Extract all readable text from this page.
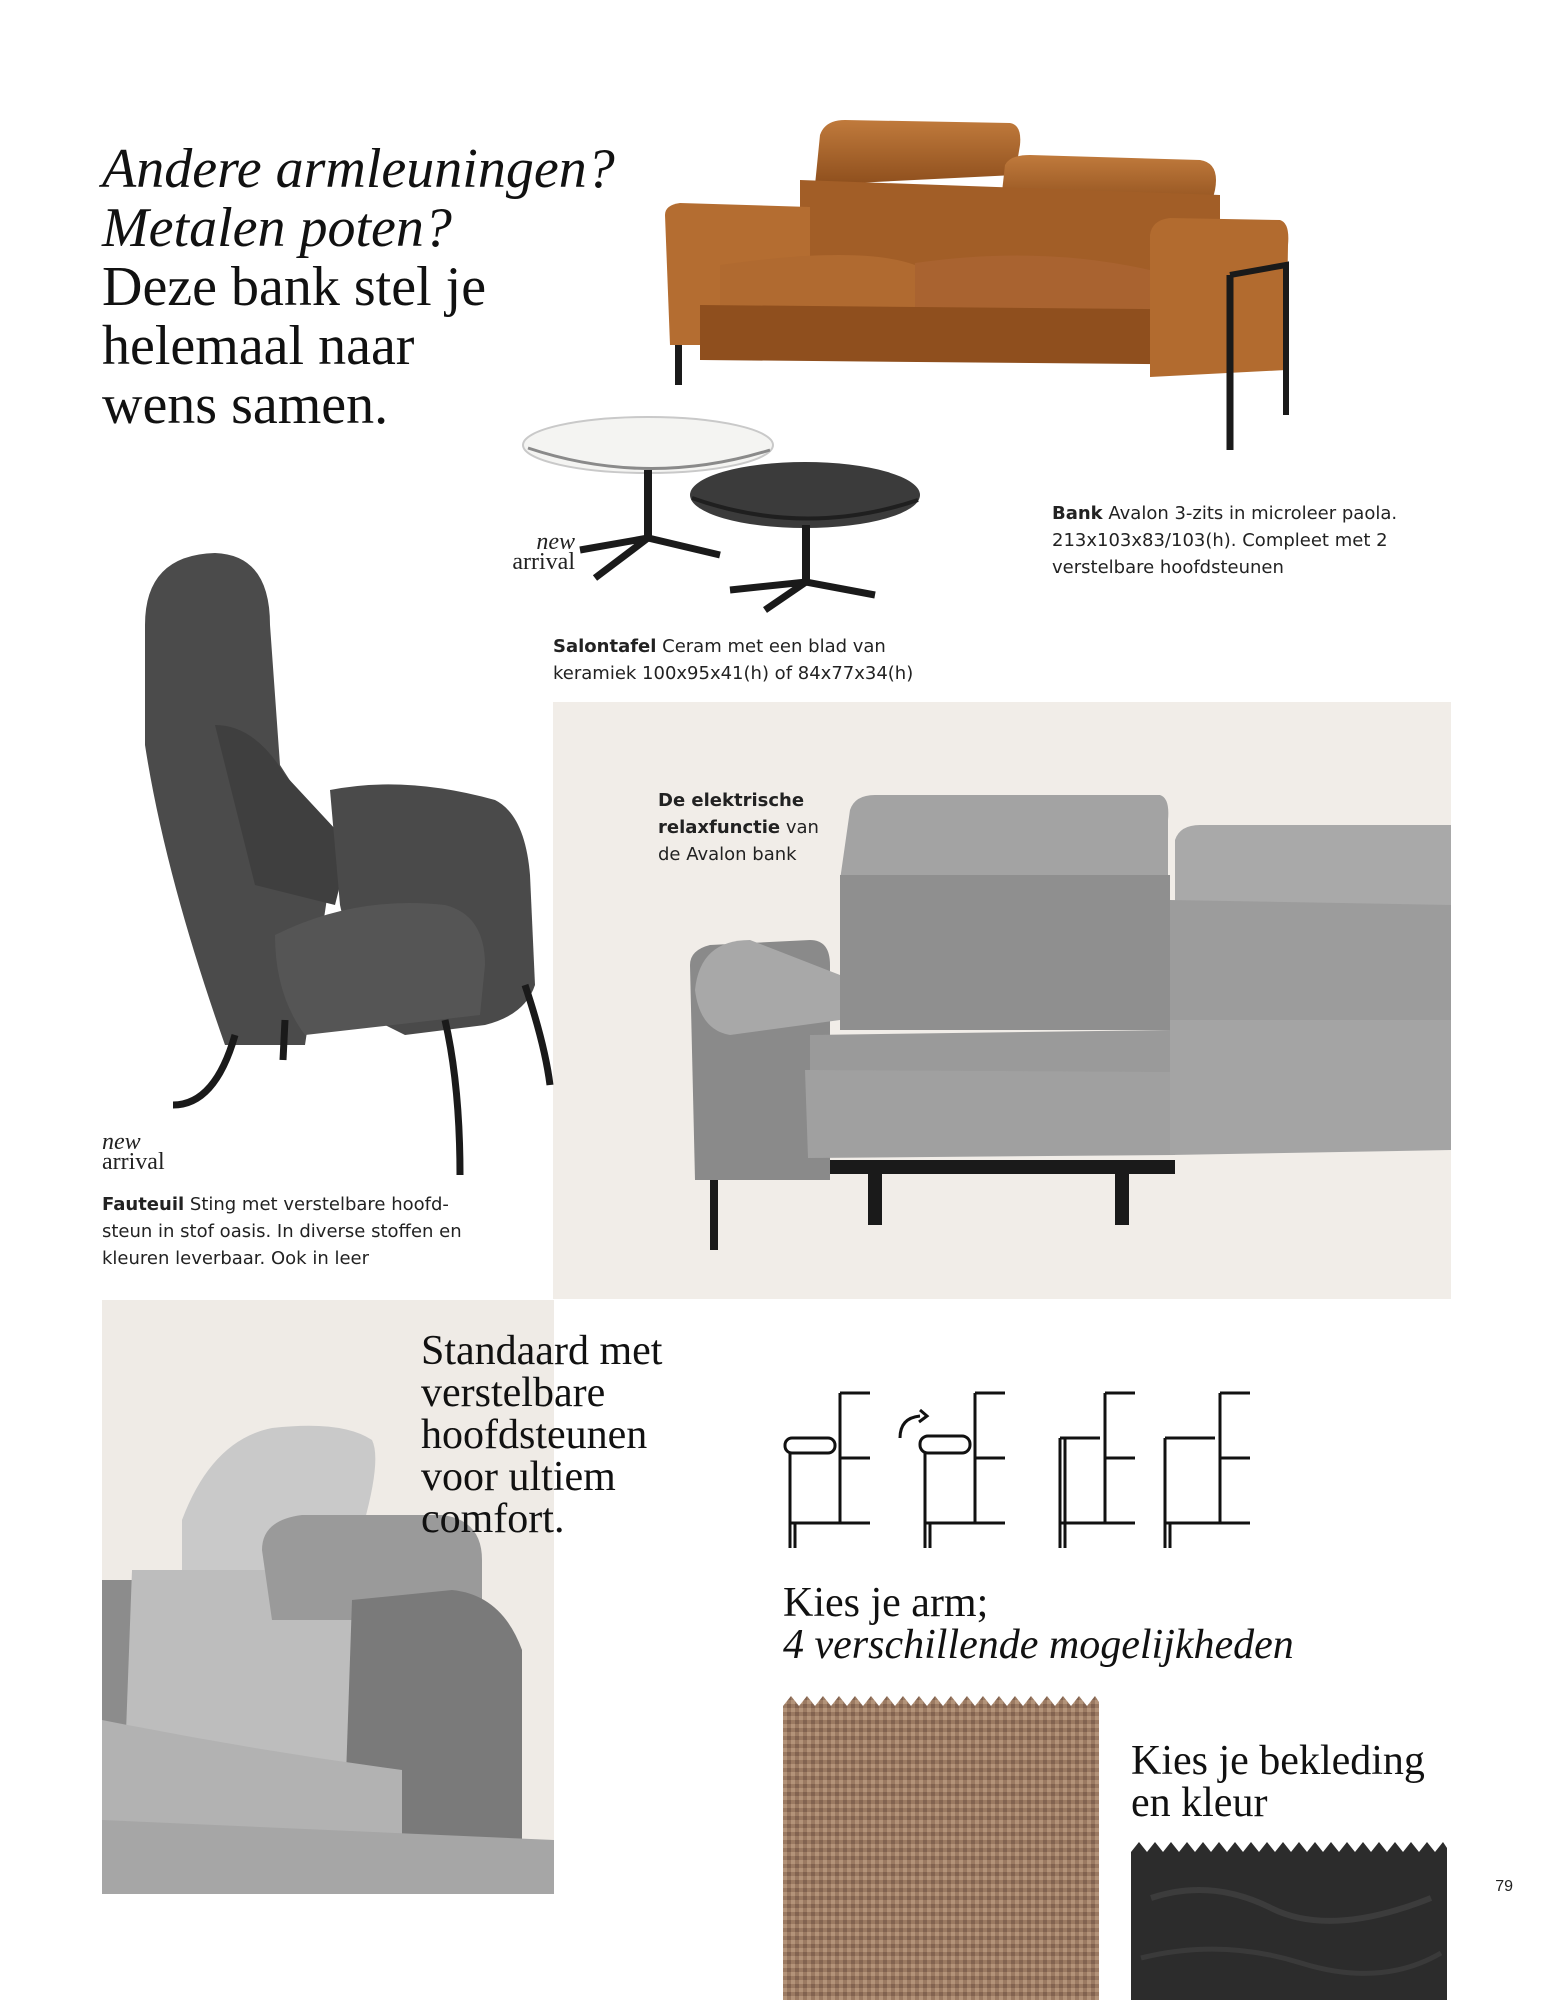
Andere armleuningen?
Metalen poten?
Deze bank stel je
helemaal naar
wens samen.
new
arrival
Bank Avalon 3-zits in microleer paola.
213x103x83/103(h). Compleet met 2
verstelbare hoofdsteunen
Salontafel Ceram met een blad van
keramiek 100x95x41(h) of 84x77x34(h)
De elektrische
relaxfunctie van
de Avalon bank
new
arrival
Fauteuil Sting met verstelbare hoofd-
steun in stof oasis. In diverse stoffen en
kleuren leverbaar. Ook in leer
Standaard met
verstelbare
hoofdsteunen
voor ultiem
comfort.
Kies je arm;
4 verschillende mogelijkheden
Kies je bekleding
en kleur
79
